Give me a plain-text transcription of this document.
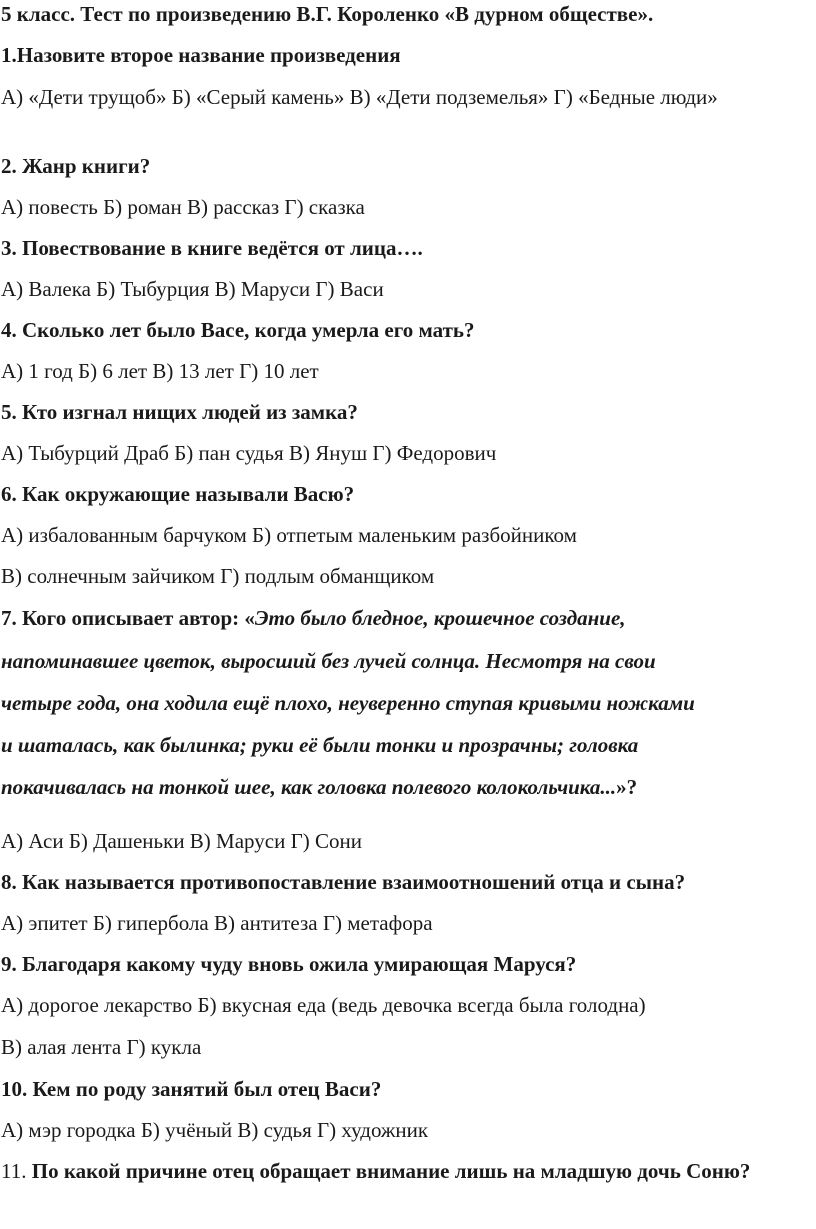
5 класс. Тест по произведению В.Г. Короленко «В дурном обществе».
1.Назовите второе название произведения
А) «Дети трущоб» Б) «Серый камень» В) «Дети подземелья» Г) «Бедные люди»
2. Жанр книги?
А) повесть Б) роман В) рассказ Г) сказка
3. Повествование в книге ведётся от лица….
А) Валека Б) Тыбурция В) Маруси Г) Васи
4. Сколько лет было Васе, когда умерла его мать?
А) 1 год Б) 6 лет В) 13 лет Г) 10 лет
5. Кто изгнал нищих людей из замка?
А) Тыбурций Драб Б) пан судья В) Януш Г) Федорович
6. Как окружающие называли Васю?
А) избалованным барчуком Б) отпетым маленьким разбойником
В) солнечным зайчиком Г) подлым обманщиком
7. Кого описывает автор: «Это было бледное, крошечное создание,
напоминавшее цветок, выросший без лучей солнца. Несмотря на свои
четыре года, она ходила ещё плохо, неуверенно ступая кривыми ножками
и шаталась, как былинка; руки её были тонки и прозрачны; головка
покачивалась на тонкой шее, как головка полевого колокольчика...»?
А) Аси Б) Дашеньки В) Маруси Г) Сони
8. Как называется противопоставление взаимоотношений отца и сына?
А) эпитет Б) гипербола В) антитеза Г) метафора
9. Благодаря какому чуду вновь ожила умирающая Маруся?
А) дорогое лекарство Б) вкусная еда (ведь девочка всегда была голодна)
В) алая лента Г) кукла
10. Кем по роду занятий был отец Васи?
А) мэр городка Б) учёный В) судья Г) художник
11. По какой причине отец обращает внимание лишь на младшую дочь Соню?
